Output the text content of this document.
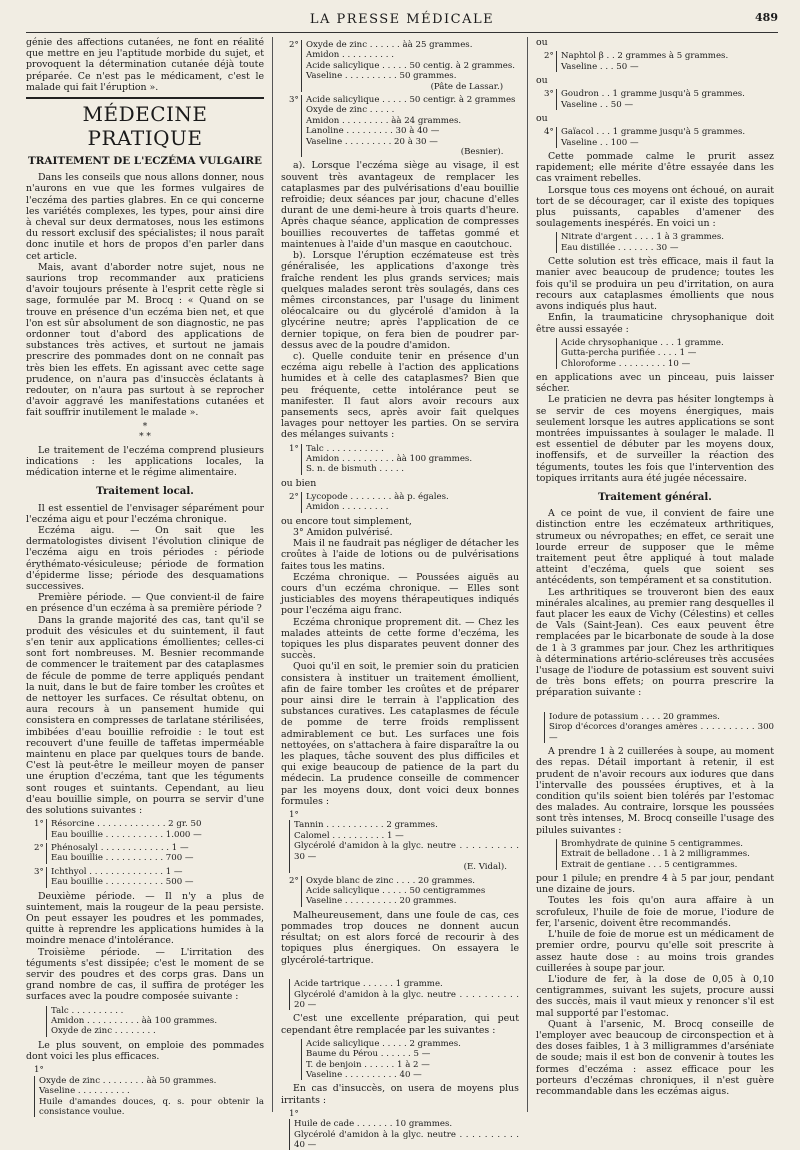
LA PRESSE MÉDICALE	489

génie des affections cutanées, ne font en réalité que mettre en jeu l'aptitude morbide du sujet, et provoquent la détermination cutanée déjà toute préparée. Ce n'est pas le médicament, c'est le malade qui fait l'éruption ».

MÉDECINE PRATIQUE
TRAITEMENT DE L'ECZÉMA VULGAIRE

Dans les conseils que nous allons donner, nous n'aurons en vue que les formes vulgaires de l'eczéma des parties glabres. En ce qui concerne les variétés complexes, les types, pour ainsi dire à cheval sur deux dermatoses, nous les estimons du ressort exclusif des spécialistes; il nous paraît donc inutile et hors de propos d'en parler dans cet article.

Mais, avant d'aborder notre sujet, nous ne saurions trop recommander aux praticiens d'avoir toujours présente à l'esprit cette règle si sage, formulée par M. Brocq : « Quand on se trouve en présence d'un eczéma bien net, et que l'on est sûr absolument de son diagnostic, ne pas ordonner tout d'abord des applications de substances très actives, et surtout ne jamais prescrire des pommades dont on ne connaît pas très bien les effets. En agissant avec cette sage prudence, on n'aura pas d'insuccès éclatants à redouter, on n'aura pas surtout à se reprocher d'avoir aggravé les manifestations cutanées et fait souffrir inutilement le malade ».

*
* *

Le traitement de l'eczéma comprend plusieurs indications : les applications locales, la médication interne et le régime alimentaire.

Traitement local.

Il est essentiel de l'envisager séparément pour l'eczéma aigu et pour l'eczéma chronique.

Eczéma aigu. — On sait que les dermatologistes divisent l'évolution clinique de l'eczéma aigu en trois périodes : période érythémato-vésiculeuse; période de formation d'épiderme lisse; période des desquamations successives.

Première période. — Que convient-il de faire en présence d'un eczéma à sa première période ?

Dans la grande majorité des cas, tant qu'il se produit des vésicules et du suintement, il faut s'en tenir aux applications émollientes; celles-ci sont fort nombreuses. M. Besnier recommande de commencer le traitement par des cataplasmes de fécule de pomme de terre appliqués pendant la nuit, dans le but de faire tomber les croûtes et de nettoyer les surfaces. Ce résultat obtenu, on aura recours à un pansement humide qui consistera en compresses de tarlatane stérilisées, imbibées d'eau bouillie refroidie : le tout est recouvert d'une feuille de taffetas imperméable maintenu en place par quelques tours de bande. C'est là peut-être le meilleur moyen de panser une éruption d'eczéma, tant que les téguments sont rouges et suintants. Cependant, au lieu d'eau bouillie simple, on pourra se servir d'une des solutions suivantes :

1° Résorcine . . . . . . . . . . . . . 2 gr. 50
Eau bouillie . . . . . . . . . . . 1.000 —
2° Phénosalyl . . . . . . . . . . . . . 1 —
Eau bouillie . . . . . . . . . . . 700 —
3° Ichthyol . . . . . . . . . . . . . . 1 —
Eau bouillie . . . . . . . . . . . 500 —

Deuxième période. — Il n'y a plus de suintement, mais la rougeur de la peau persiste. On peut essayer les poudres et les pommades, quitte à reprendre les applications humides à la moindre menace d'intolérance.

Troisième période. — L'irritation des téguments s'est dissipée; c'est le moment de se servir des poudres et des corps gras. Dans un grand nombre de cas, il suffira de protéger les surfaces avec la poudre composée suivante :

Talc . . . . . . . . . .
Amidon . . . . . . . . . . àà 100 grammes.
Oxyde de zinc . . . . . . . .

Le plus souvent, on emploie des pommades dont voici les plus efficaces.

1°
Oxyde de zinc . . . . . . . . àà 50 grammes.
Vaseline . . . . . . . . . .
Huile d'amandes douces, q. s. pour obtenir la consistance voulue.
2° Oxyde de zinc . . . . . . àà 25 grammes.
Amidon . . . . . . . . . .
Acide salicylique . . . . . 50 centig. à 2 grammes.
Vaseline . . . . . . . . . . 50 grammes.
(Pâte de Lassar.)
3° Acide salicylique . . . . . 50 centigr. à 2 grammes
Oxyde de zinc . . . . .
Amidon . . . . . . . . . àà 24 grammes.
Lanoline . . . . . . . . . 30 à 40 —
Vaseline . . . . . . . . . 20 à 30 —
(Besnier).

a). Lorsque l'eczéma siège au visage, il est souvent très avantageux de remplacer les cataplasmes par des pulvérisations d'eau bouillie refroidie; deux séances par jour, chacune d'elles durant de une demi-heure à trois quarts d'heure. Après chaque séance, application de compresses bouillies recouvertes de taffetas gommé et maintenues à l'aide d'un masque en caoutchouc.

b). Lorsque l'éruption eczémateuse est très généralisée, les applications d'axonge très fraîche rendent les plus grands services; mais quelques malades seront très soulagés, dans ces mêmes circonstances, par l'usage du liniment oléocalcaire ou du glycérolé d'amidon à la glycérine neutre; après l'application de ce dernier topique, on fera bien de poudrer par-dessus avec de la poudre d'amidon.

c). Quelle conduite tenir en présence d'un eczéma aigu rebelle à l'action des applications humides et à celle des cataplasmes? Bien que peu fréquente, cette intolérance peut se manifester. Il faut alors avoir recours aux pansements secs, après avoir fait quelques lavages pour nettoyer les parties. On se servira des mélanges suivants :

1° Talc . . . . . . . . . . .
Amidon . . . . . . . . . . àà 100 grammes.
S. n. de bismuth . . . . .

ou bien

2° Lycopode . . . . . . . . àà p. égales.
Amidon . . . . . . . . .

ou encore tout simplement,

3° Amidon pulvérisé.

Mais il ne faudrait pas négliger de détacher les croûtes à l'aide de lotions ou de pulvérisations faites tous les matins.

Eczéma chronique. — Poussées aiguës au cours d'un eczéma chronique. — Elles sont justiciables des moyens thérapeutiques indiqués pour l'eczéma aigu franc.

Eczéma chronique proprement dit. — Chez les malades atteints de cette forme d'eczéma, les topiques les plus disparates peuvent donner des succès.

Quoi qu'il en soit, le premier soin du praticien consistera à instituer un traitement émollient, afin de faire tomber les croûtes et de préparer pour ainsi dire le terrain à l'application des substances curatives. Les cataplasmes de fécule de pomme de terre froids remplissent admirablement ce but. Les surfaces une fois nettoyées, on s'attachera à faire disparaître la ou les plaques, tâche souvent des plus difficiles et qui exige beaucoup de patience de la part du médecin. La prudence conseille de commencer par les moyens doux, dont voici deux bonnes formules :

1°
Tannin . . . . . . . . . . . 2 grammes.
Calomel . . . . . . . . . . 1 —
Glycérolé d'amidon à la glyc. neutre . . . . . . . . . . 30 —
(E. Vidal).
2° Oxyde blanc de zinc . . . . 20 grammes.
Acide salicylique . . . . . 50 centigrammes
Vaseline . . . . . . . . . . 20 grammes.

Malheureusement, dans une foule de cas, ces pommades trop douces ne donnent aucun résultat; on est alors forcé de recourir à des topiques plus énergiques. On essayera le glycérolé-tartrique.

Acide tartrique . . . . . . 1 gramme.
Glycérolé d'amidon à la glyc. neutre . . . . . . . . . . 20 —

C'est une excellente préparation, qui peut cependant être remplacée par les suivantes :

Acide salicylique . . . . . 2 grammes.
Baume du Pérou . . . . . . 5 —
T. de benjoin . . . . . . 1 à 2 —
Vaseline . . . . . . . . . . 40 —

En cas d'insuccès, on usera de moyens plus irritants :

1°
Huile de cade . . . . . . . 10 grammes.
Glycérolé d'amidon à la glyc. neutre . . . . . . . . . . 40 —

ou

2° Naphtol β . . 2 grammes à 5 grammes.
Vaseline . . . 50 —

ou

3° Goudron . . 1 gramme jusqu'à 5 grammes.
Vaseline . . 50 —

ou

4° Gaïacol . . . 1 gramme jusqu'à 5 grammes.
Vaseline . . 100 —

Cette pommade calme le prurit assez rapidement; elle mérite d'être essayée dans les cas vraiment rebelles.

Lorsque tous ces moyens ont échoué, on aurait tort de se décourager, car il existe des topiques plus puissants, capables d'amener des soulagements inespérés. En voici un :

Nitrate d'argent . . . . 1 à 3 grammes.
Eau distillée . . . . . . . 30 —

Cette solution est très efficace, mais il faut la manier avec beaucoup de prudence; toutes les fois qu'il se produira un peu d'irritation, on aura recours aux cataplasmes émollients que nous avons indiqués plus haut.

Enfin, la traumaticine chrysophanique doit être aussi essayée :

Acide chrysophanique . . . 1 gramme.
Gutta-percha purifiée . . . . 1 —
Chloroforme . . . . . . . . . 10 —

en applications avec un pinceau, puis laisser sécher.

Le praticien ne devra pas hésiter longtemps à se servir de ces moyens énergiques, mais seulement lorsque les autres applications se sont montrées impuissantes à soulager le malade. Il est essentiel de débuter par les moyens doux, inoffensifs, et de surveiller la réaction des téguments, toutes les fois que l'intervention des topiques irritants aura été jugée nécessaire.

Traitement général.

A ce point de vue, il convient de faire une distinction entre les eczémateux arthritiques, strumeux ou névropathes; en effet, ce serait une lourde erreur de supposer que le même traitement peut être appliqué à tout malade atteint d'eczéma, quels que soient ses antécédents, son tempérament et sa constitution.

Les arthritiques se trouveront bien des eaux minérales alcalines, au premier rang desquelles il faut placer les eaux de Vichy (Célestins) et celles de Vals (Saint-Jean). Ces eaux peuvent être remplacées par le bicarbonate de soude à la dose de 1 à 3 grammes par jour. Chez les arthritiques à déterminations artério-scléreuses très accusées l'usage de l'iodure de potassium est souvent suivi de très bons effets; on pourra prescrire la préparation suivante :

Iodure de potassium . . . . 20 grammes.
Sirop d'écorces d'oranges amères . . . . . . . . . . 300 —

A prendre 1 à 2 cuillerées à soupe, au moment des repas. Détail important à retenir, il est prudent de n'avoir recours aux iodures que dans l'intervalle des poussées éruptives, et à la condition qu'ils soient bien tolérés par l'estomac des malades. Au contraire, lorsque les poussées sont très intenses, M. Brocq conseille l'usage des pilules suivantes :

Bromhydrate de quinine 5 centigrammes.
Extrait de belladone . . 1 à 2 milligrammes.
Extrait de gentiane . . . 5 centigrammes.

pour 1 pilule; en prendre 4 à 5 par jour, pendant une dizaine de jours.

Toutes les fois qu'on aura affaire à un scrofuleux, l'huile de foie de morue, l'iodure de fer, l'arsenic, doivent être recommandés.

L'huile de foie de morue est un médicament de premier ordre, pourvu qu'elle soit prescrite à assez haute dose : au moins trois grandes cuillerées à soupe par jour.

L'iodure de fer, à la dose de 0,05 à 0,10 centigrammes, suivant les sujets, procure aussi des succès, mais il vaut mieux y renoncer s'il est mal supporté par l'estomac.

Quant à l'arsenic, M. Brocq conseille de l'employer avec beaucoup de circonspection et à des doses faibles, 1 à 3 milligrammes d'arséniate de soude; mais il est bon de convenir à toutes les formes d'eczéma : assez efficace pour les porteurs d'eczémas chroniques, il n'est guère recommandable dans les eczémas aigus.
